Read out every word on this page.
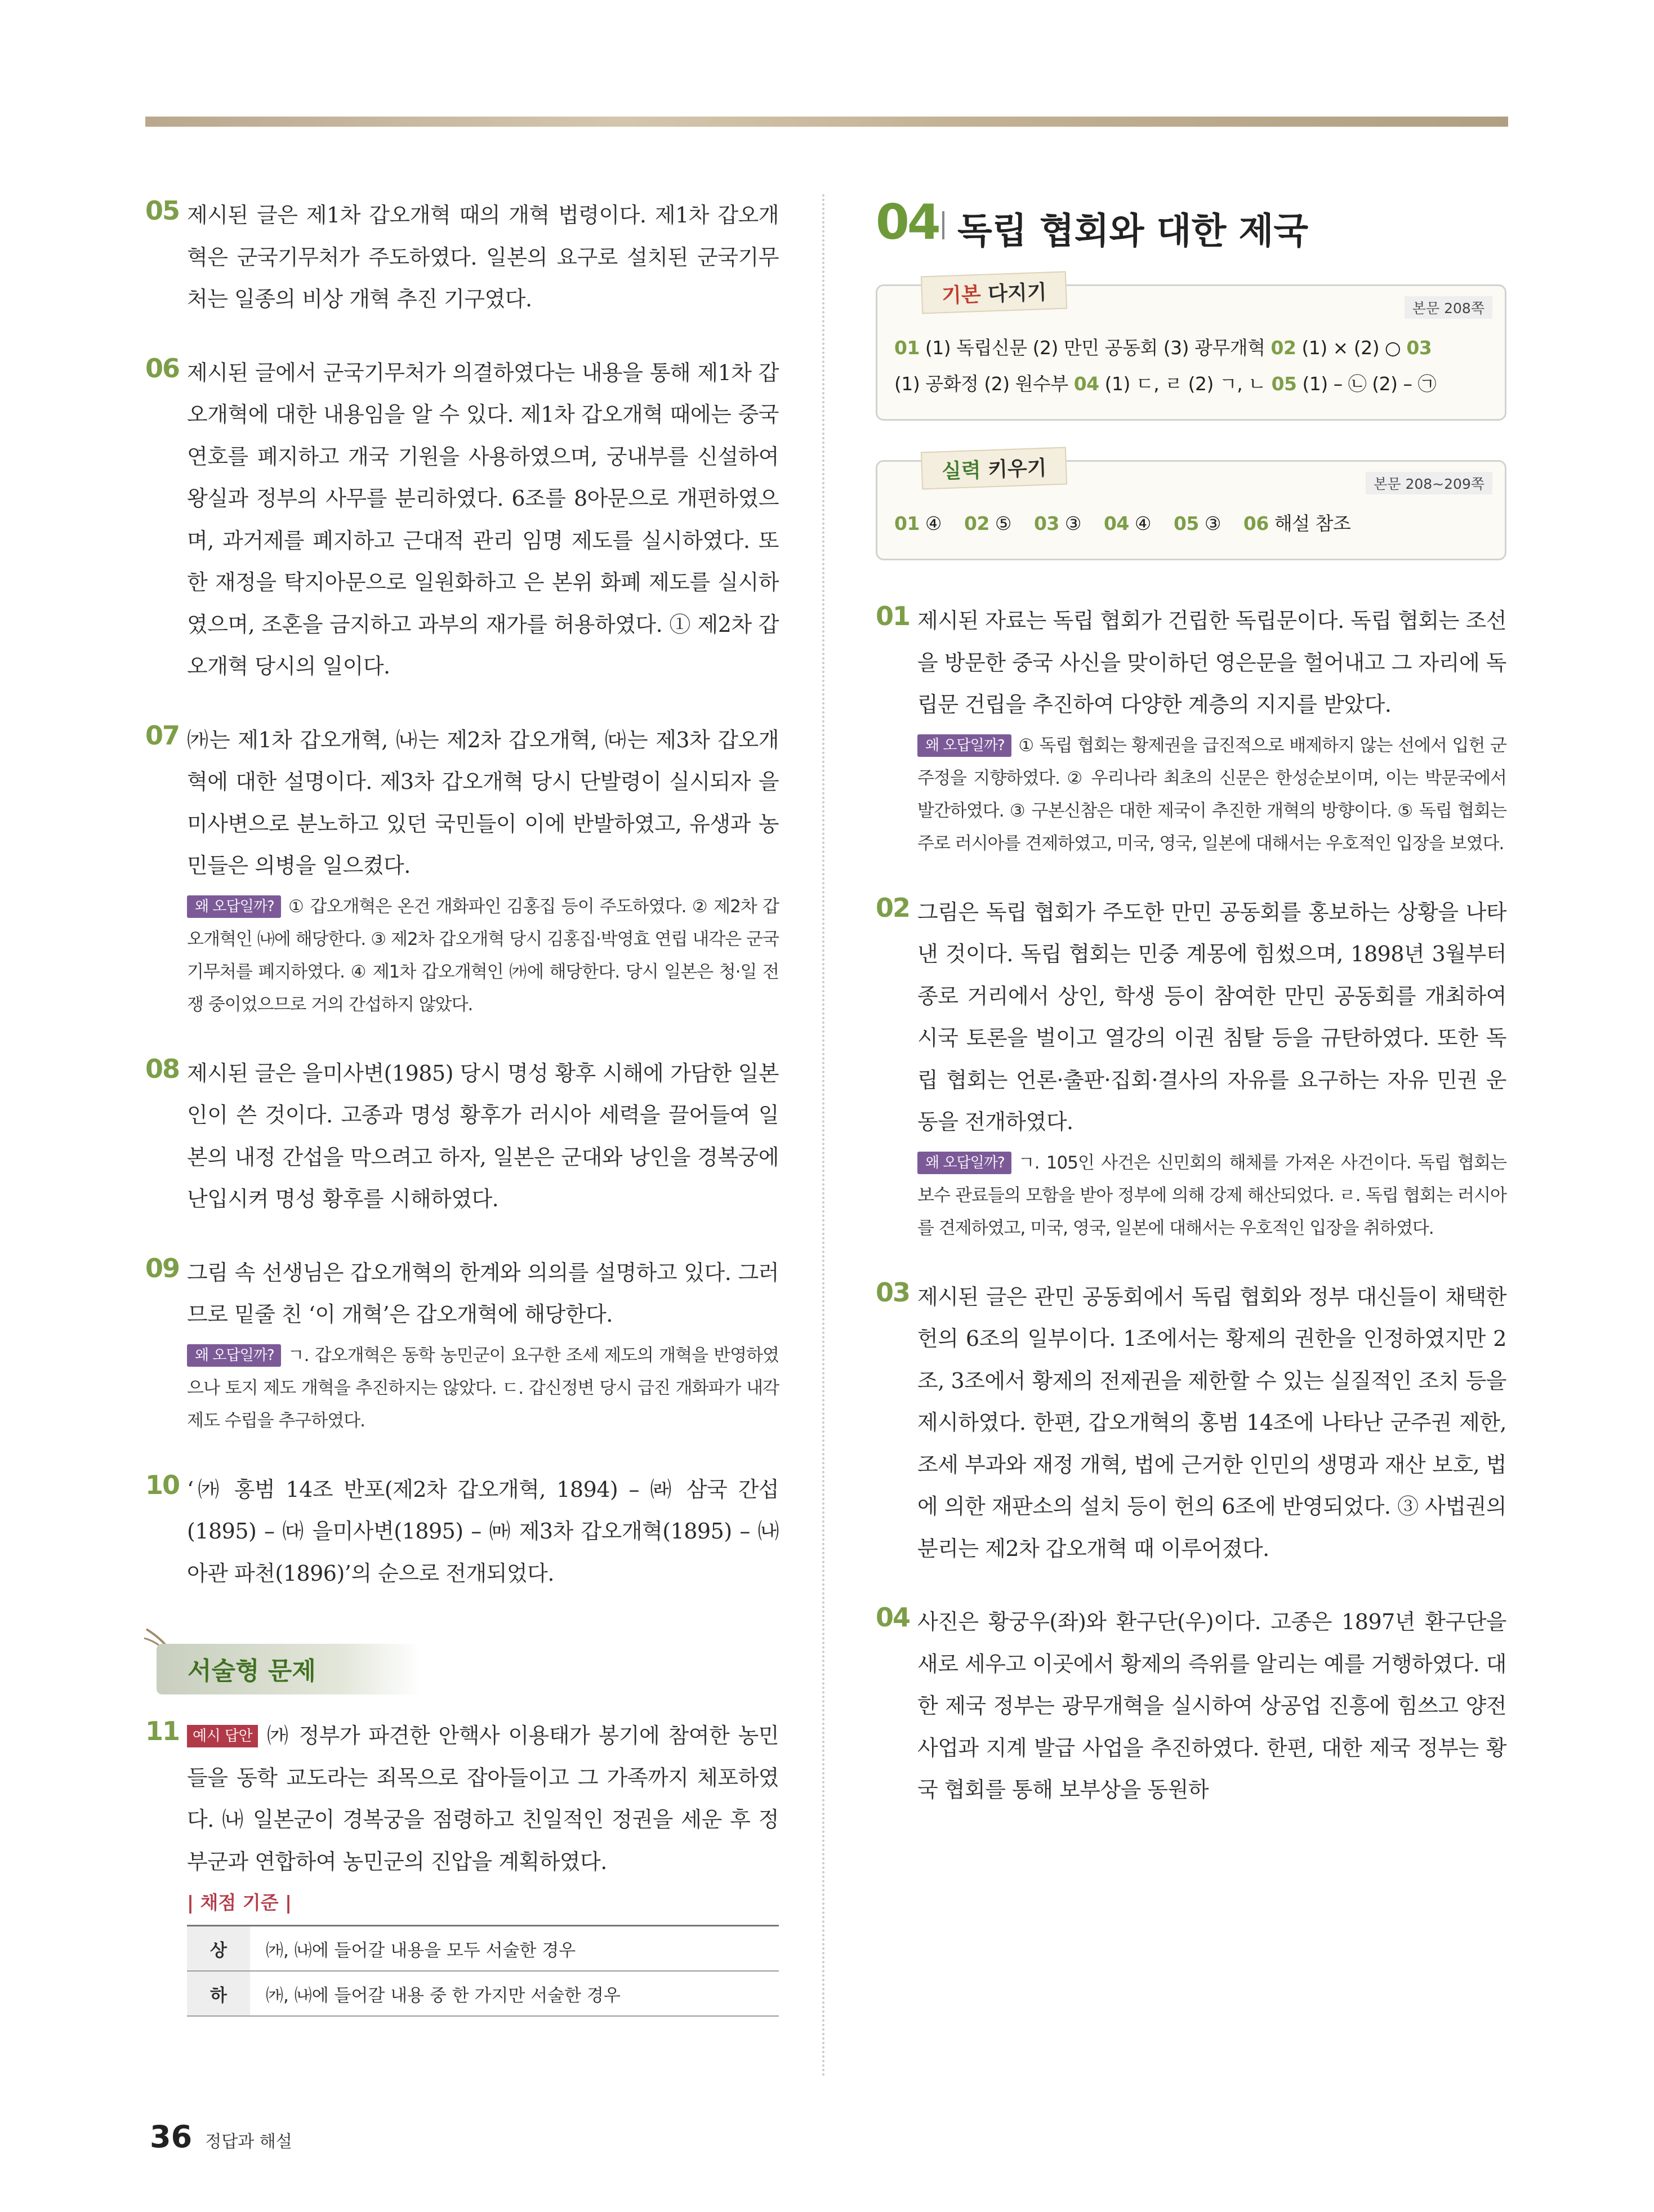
05 제시된 글은 제1차 갑오개혁 때의 개혁 법령이다. 제1차 갑오개혁은 군국기무처가 주도하였다. 일본의 요구로 설치된 군국기무처는 일종의 비상 개혁 추진 기구였다.

06 제시된 글에서 군국기무처가 의결하였다는 내용을 통해 제1차 갑오개혁에 대한 내용임을 알 수 있다. 제1차 갑오개혁 때에는 중국 연호를 폐지하고 개국 기원을 사용하였으며, 궁내부를 신설하여 왕실과 정부의 사무를 분리하였다. 6조를 8아문으로 개편하였으며, 과거제를 폐지하고 근대적 관리 임명 제도를 실시하였다. 또한 재정을 탁지아문으로 일원화하고 은 본위 화폐 제도를 실시하였으며, 조혼을 금지하고 과부의 재가를 허용하였다. ① 제2차 갑오개혁 당시의 일이다.

07 ㈎는 제1차 갑오개혁, ㈏는 제2차 갑오개혁, ㈐는 제3차 갑오개혁에 대한 설명이다. 제3차 갑오개혁 당시 단발령이 실시되자 을미사변으로 분노하고 있던 국민들이 이에 반발하였고, 유생과 농민들은 의병을 일으켰다.

왜 오답일까? ① 갑오개혁은 온건 개화파인 김홍집 등이 주도하였다. ② 제2차 갑오개혁인 ㈏에 해당한다. ③ 제2차 갑오개혁 당시 김홍집·박영효 연립 내각은 군국기무처를 폐지하였다. ④ 제1차 갑오개혁인 ㈎에 해당한다. 당시 일본은 청·일 전쟁 중이었으므로 거의 간섭하지 않았다.

08 제시된 글은 을미사변(1985) 당시 명성 황후 시해에 가담한 일본인이 쓴 것이다. 고종과 명성 황후가 러시아 세력을 끌어들여 일본의 내정 간섭을 막으려고 하자, 일본은 군대와 낭인을 경복궁에 난입시켜 명성 황후를 시해하였다.

09 그림 속 선생님은 갑오개혁의 한계와 의의를 설명하고 있다. 그러므로 밑줄 친 ‘이 개혁’은 갑오개혁에 해당한다.

왜 오답일까? ㄱ. 갑오개혁은 동학 농민군이 요구한 조세 제도의 개혁을 반영하였으나 토지 제도 개혁을 추진하지는 않았다. ㄷ. 갑신정변 당시 급진 개화파가 내각 제도 수립을 추구하였다.

10 ‘㈎ 홍범 14조 반포(제2차 갑오개혁, 1894) – ㈑ 삼국 간섭(1895) – ㈐ 을미사변(1895) – ㈒ 제3차 갑오개혁(1895) – ㈏ 아관 파천(1896)’의 순으로 전개되었다.

서술형 문제
11 예시 답안 ㈎ 정부가 파견한 안핵사 이용태가 봉기에 참여한 농민들을 동학 교도라는 죄목으로 잡아들이고 그 가족까지 체포하였다. ㈏ 일본군이 경복궁을 점령하고 친일적인 정권을 세운 후 정부군과 연합하여 농민군의 진압을 계획하였다.

| 채점 기준 |
상	㈎, ㈏에 들어갈 내용을 모두 서술한 경우
하	㈎, ㈏에 들어갈 내용 중 한 가지만 서술한 경우
04 독립 협회와 대한 제국
기본 다지기
본문 208쪽

01 (1) 독립신문 (2) 만민 공동회 (3) 광무개혁 02 (1) × (2) ○ 03

(1) 공화정 (2) 원수부 04 (1) ㄷ, ㄹ (2) ㄱ, ㄴ 05 (1) – ㉡ (2) – ㉠

실력 키우기
본문 208~209쪽

01 ④ 02 ⑤ 03 ③ 04 ④ 05 ③ 06 해설 참조

01 제시된 자료는 독립 협회가 건립한 독립문이다. 독립 협회는 조선을 방문한 중국 사신을 맞이하던 영은문을 헐어내고 그 자리에 독립문 건립을 추진하여 다양한 계층의 지지를 받았다.

왜 오답일까? ① 독립 협회는 황제권을 급진적으로 배제하지 않는 선에서 입헌 군주정을 지향하였다. ② 우리나라 최초의 신문은 한성순보이며, 이는 박문국에서 발간하였다. ③ 구본신참은 대한 제국이 추진한 개혁의 방향이다. ⑤ 독립 협회는 주로 러시아를 견제하였고, 미국, 영국, 일본에 대해서는 우호적인 입장을 보였다.

02 그림은 독립 협회가 주도한 만민 공동회를 홍보하는 상황을 나타낸 것이다. 독립 협회는 민중 계몽에 힘썼으며, 1898년 3월부터 종로 거리에서 상인, 학생 등이 참여한 만민 공동회를 개최하여 시국 토론을 벌이고 열강의 이권 침탈 등을 규탄하였다. 또한 독립 협회는 언론·출판·집회·결사의 자유를 요구하는 자유 민권 운동을 전개하였다.

왜 오답일까? ㄱ. 105인 사건은 신민회의 해체를 가져온 사건이다. 독립 협회는 보수 관료들의 모함을 받아 정부에 의해 강제 해산되었다. ㄹ. 독립 협회는 러시아를 견제하였고, 미국, 영국, 일본에 대해서는 우호적인 입장을 취하였다.

03 제시된 글은 관민 공동회에서 독립 협회와 정부 대신들이 채택한 헌의 6조의 일부이다. 1조에서는 황제의 권한을 인정하였지만 2조, 3조에서 황제의 전제권을 제한할 수 있는 실질적인 조치 등을 제시하였다. 한편, 갑오개혁의 홍범 14조에 나타난 군주권 제한, 조세 부과와 재정 개혁, 법에 근거한 인민의 생명과 재산 보호, 법에 의한 재판소의 설치 등이 헌의 6조에 반영되었다. ③ 사법권의 분리는 제2차 갑오개혁 때 이루어졌다.

04 사진은 황궁우(좌)와 환구단(우)이다. 고종은 1897년 환구단을 새로 세우고 이곳에서 황제의 즉위를 알리는 예를 거행하였다. 대한 제국 정부는 광무개혁을 실시하여 상공업 진흥에 힘쓰고 양전 사업과 지계 발급 사업을 추진하였다. 한편, 대한 제국 정부는 황국 협회를 통해 보부상을 동원하

36 정답과 해설
